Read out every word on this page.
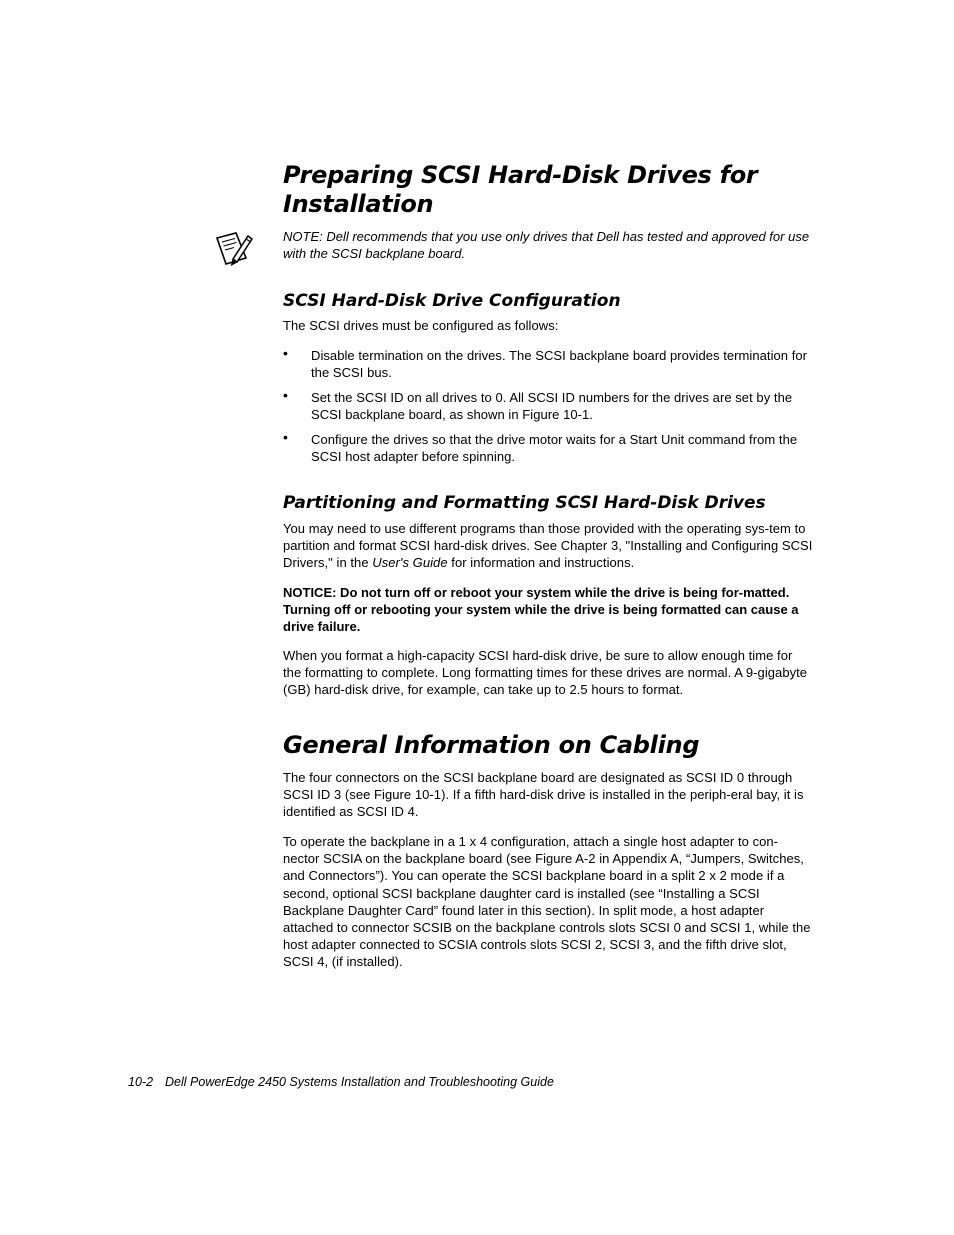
Preparing SCSI Hard-Disk Drives for
Installation

NOTE: Dell recommends that you use only drives that Dell has tested and approved for use with the SCSI backplane board.

SCSI Hard-Disk Drive Configuration

The SCSI drives must be configured as follows:

• Disable termination on the drives. The SCSI backplane board provides termination for the SCSI bus.

• Set the SCSI ID on all drives to 0. All SCSI ID numbers for the drives are set by the SCSI backplane board, as shown in Figure 10-1.

• Configure the drives so that the drive motor waits for a Start Unit command from the SCSI host adapter before spinning.

Partitioning and Formatting SCSI Hard-Disk Drives

You may need to use different programs than those provided with the operating sys-tem to partition and format SCSI hard-disk drives. See Chapter 3, "Installing and Configuring SCSI Drivers," in the User's Guide for information and instructions.

NOTICE: Do not turn off or reboot your system while the drive is being for-matted. Turning off or rebooting your system while the drive is being formatted can cause a drive failure.

When you format a high-capacity SCSI hard-disk drive, be sure to allow enough time for the formatting to complete. Long formatting times for these drives are normal. A 9-gigabyte (GB) hard-disk drive, for example, can take up to 2.5 hours to format.

General Information on Cabling

The four connectors on the SCSI backplane board are designated as SCSI ID 0 through SCSI ID 3 (see Figure 10-1). If a fifth hard-disk drive is installed in the periph-eral bay, it is identified as SCSI ID 4.

To operate the backplane in a 1 x 4 configuration, attach a single host adapter to con-nector SCSIA on the backplane board (see Figure A-2 in Appendix A, “Jumpers, Switches, and Connectors”). You can operate the SCSI backplane board in a split 2 x 2 mode if a second, optional SCSI backplane daughter card is installed (see “Installing a SCSI Backplane Daughter Card” found later in this section). In split mode, a host adapter attached to connector SCSIB on the backplane controls slots SCSI 0 and SCSI 1, while the host adapter connected to SCSIA controls slots SCSI 2, SCSI 3, and the fifth drive slot, SCSI 4, (if installed).

10-2 Dell PowerEdge 2450 Systems Installation and Troubleshooting Guide
